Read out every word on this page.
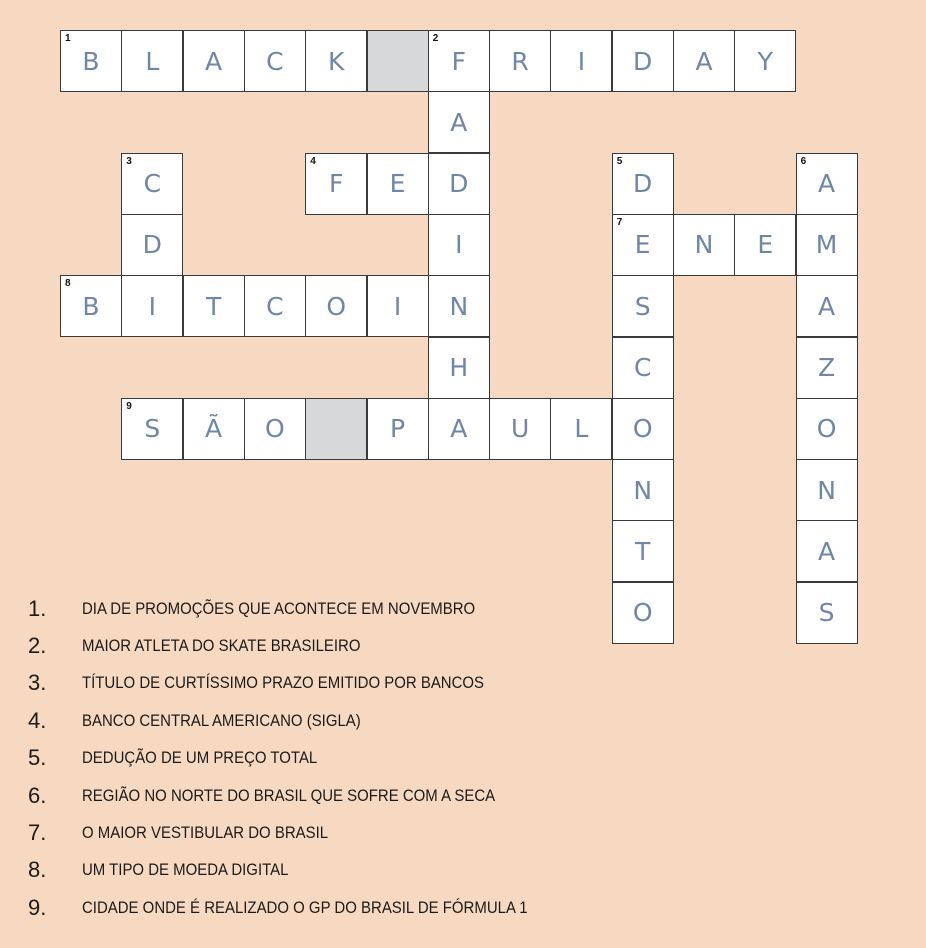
1
B	L	A	C	K
2
F	R	I	D	A	Y
A
D
I
N
H
A
3
C
D
I
4
F	E
5
D
7
E
S
C
O
N
T
O
N	E	M
6
A
A
Z
O
N
A
S
8
B	T	C	O	I
9
S	Ã	O	P	U	L
1.	DIA DE PROMOÇÕES QUE ACONTECE EM NOVEMBRO
2.	MAIOR ATLETA DO SKATE BRASILEIRO
3.	TÍTULO DE CURTÍSSIMO PRAZO EMITIDO POR BANCOS
4.	BANCO CENTRAL AMERICANO (SIGLA)
5.	DEDUÇÃO DE UM PREÇO TOTAL
6.	REGIÃO NO NORTE DO BRASIL QUE SOFRE COM A SECA
7.	O MAIOR VESTIBULAR DO BRASIL
8.	UM TIPO DE MOEDA DIGITAL
9.	CIDADE ONDE É REALIZADO O GP DO BRASIL DE FÓRMULA 1
